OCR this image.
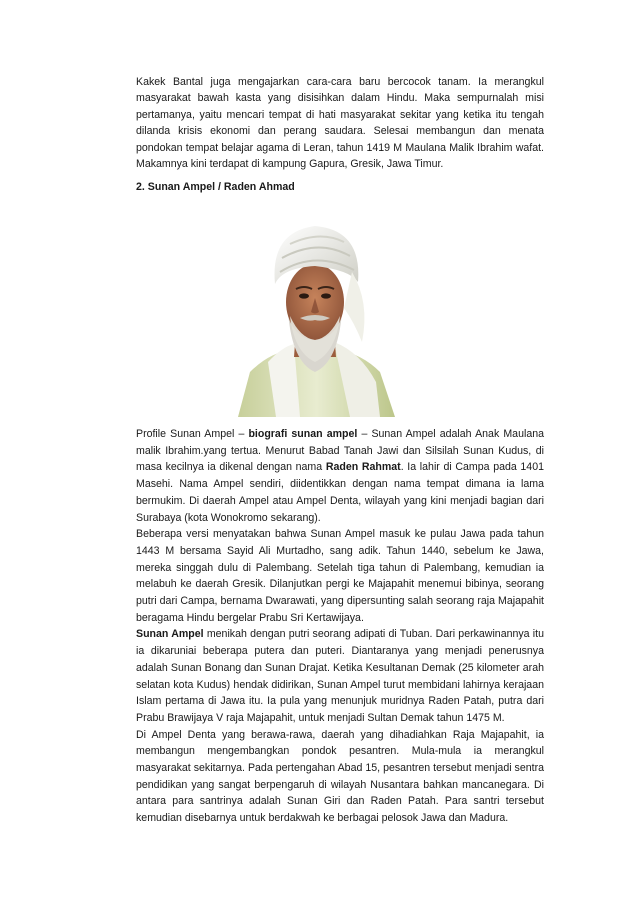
Kakek Bantal juga mengajarkan cara-cara baru bercocok tanam. Ia merangkul masyarakat bawah kasta yang disisihkan dalam Hindu. Maka sempurnalah misi pertamanya, yaitu mencari tempat di hati masyarakat sekitar yang ketika itu tengah dilanda krisis ekonomi dan perang saudara. Selesai membangun dan menata pondokan tempat belajar agama di Leran, tahun 1419 M Maulana Malik Ibrahim wafat. Makamnya kini terdapat di kampung Gapura, Gresik, Jawa Timur.

2. Sunan Ampel / Raden Ahmad

Profile Sunan Ampel – biografi sunan ampel – Sunan Ampel adalah Anak Maulana malik Ibrahim.yang tertua. Menurut Babad Tanah Jawi dan Silsilah Sunan Kudus, di masa kecilnya ia dikenal dengan nama Raden Rahmat. Ia lahir di Campa pada 1401 Masehi. Nama Ampel sendiri, diidentikkan dengan nama tempat dimana ia lama bermukim. Di daerah Ampel atau Ampel Denta, wilayah yang kini menjadi bagian dari Surabaya (kota Wonokromo sekarang).

Beberapa versi menyatakan bahwa Sunan Ampel masuk ke pulau Jawa pada tahun 1443 M bersama Sayid Ali Murtadho, sang adik. Tahun 1440, sebelum ke Jawa, mereka singgah dulu di Palembang. Setelah tiga tahun di Palembang, kemudian ia melabuh ke daerah Gresik. Dilanjutkan pergi ke Majapahit menemui bibinya, seorang putri dari Campa, bernama Dwarawati, yang dipersunting salah seorang raja Majapahit beragama Hindu bergelar Prabu Sri Kertawijaya.

Sunan Ampel menikah dengan putri seorang adipati di Tuban. Dari perkawinannya itu ia dikaruniai beberapa putera dan puteri. Diantaranya yang menjadi penerusnya adalah Sunan Bonang dan Sunan Drajat. Ketika Kesultanan Demak (25 kilometer arah selatan kota Kudus) hendak didirikan, Sunan Ampel turut membidani lahirnya kerajaan Islam pertama di Jawa itu. Ia pula yang menunjuk muridnya Raden Patah, putra dari Prabu Brawijaya V raja Majapahit, untuk menjadi Sultan Demak tahun 1475 M.

Di Ampel Denta yang berawa-rawa, daerah yang dihadiahkan Raja Majapahit, ia membangun mengembangkan pondok pesantren. Mula-mula ia merangkul masyarakat sekitarnya. Pada pertengahan Abad 15, pesantren tersebut menjadi sentra pendidikan yang sangat berpengaruh di wilayah Nusantara bahkan mancanegara. Di antara para santrinya adalah Sunan Giri dan Raden Patah. Para santri tersebut kemudian disebarnya untuk berdakwah ke berbagai pelosok Jawa dan Madura.
